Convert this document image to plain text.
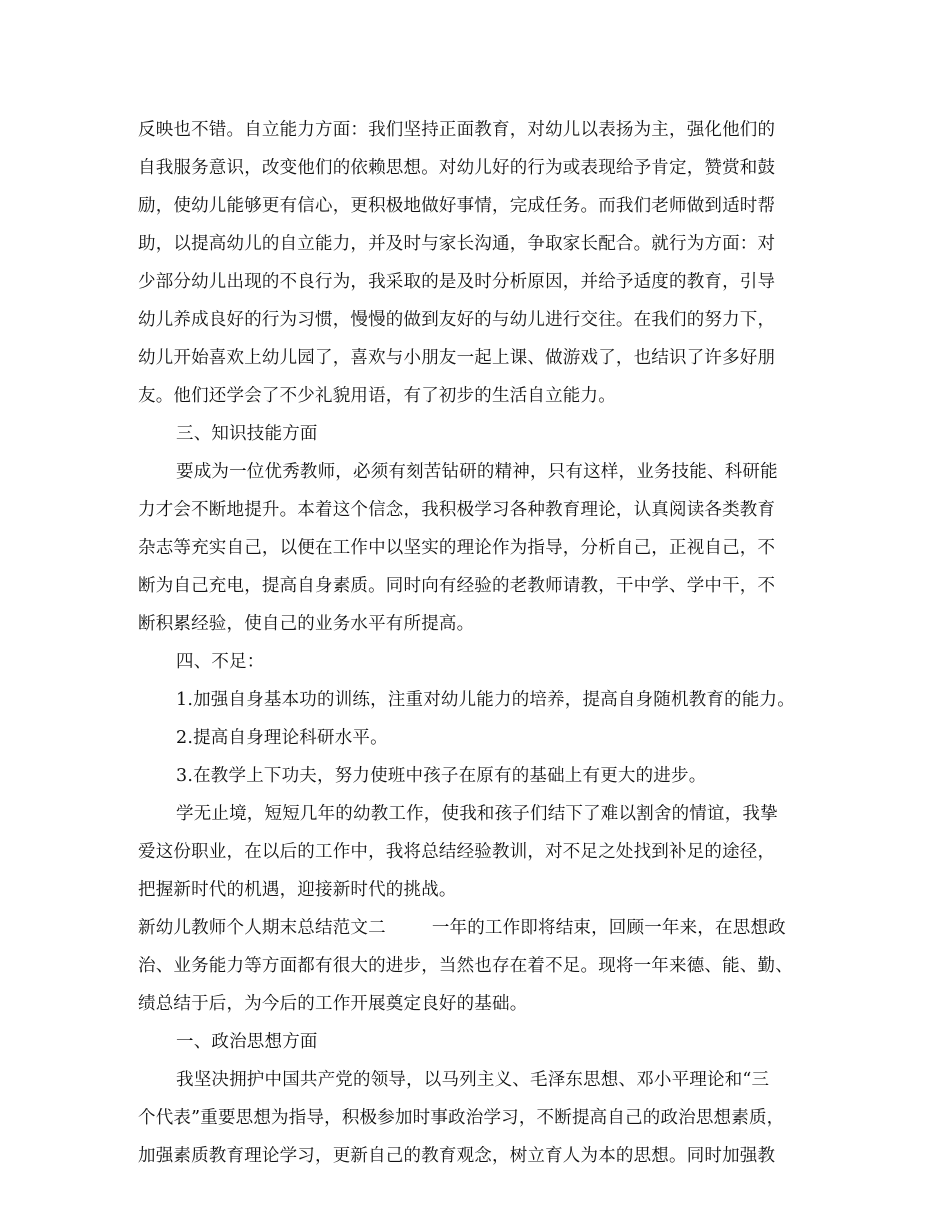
反映也不错。自立能力方面：我们坚持正面教育，对幼儿以表扬为主，强化他们的
自我服务意识，改变他们的依赖思想。对幼儿好的行为或表现给予肯定，赞赏和鼓
励，使幼儿能够更有信心，更积极地做好事情，完成任务。而我们老师做到适时帮
助，以提高幼儿的自立能力，并及时与家长沟通，争取家长配合。就行为方面：对
少部分幼儿出现的不良行为，我采取的是及时分析原因，并给予适度的教育，引导
幼儿养成良好的行为习惯，慢慢的做到友好的与幼儿进行交往。在我们的努力下，
幼儿开始喜欢上幼儿园了，喜欢与小朋友一起上课、做游戏了，也结识了许多好朋
友。他们还学会了不少礼貌用语，有了初步的生活自立能力。
三、知识技能方面
要成为一位优秀教师，必须有刻苦钻研的精神，只有这样，业务技能、科研能
力才会不断地提升。本着这个信念，我积极学习各种教育理论，认真阅读各类教育
杂志等充实自己，以便在工作中以坚实的理论作为指导，分析自己，正视自己，不
断为自己充电，提高自身素质。同时向有经验的老教师请教，干中学、学中干，不
断积累经验，使自己的业务水平有所提高。
四、不足：
1.加强自身基本功的训练，注重对幼儿能力的培养，提高自身随机教育的能力。
2.提高自身理论科研水平。
3.在教学上下功夫，努力使班中孩子在原有的基础上有更大的进步。
学无止境，短短几年的幼教工作，使我和孩子们结下了难以割舍的情谊，我挚
爱这份职业，在以后的工作中，我将总结经验教训，对不足之处找到补足的途径，
把握新时代的机遇，迎接新时代的挑战。
新幼儿教师个人期末总结范文二	一年的工作即将结束，回顾一年来，在思想政
治、业务能力等方面都有很大的进步，当然也存在着不足。现将一年来德、能、勤、
绩总结于后，为今后的工作开展奠定良好的基础。
一、政治思想方面
我坚决拥护中国共产党的领导，以马列主义、毛泽东思想、邓小平理论和“三
个代表”重要思想为指导，积极参加时事政治学习，不断提高自己的政治思想素质，
加强素质教育理论学习，更新自己的教育观念，树立育人为本的思想。同时加强教
